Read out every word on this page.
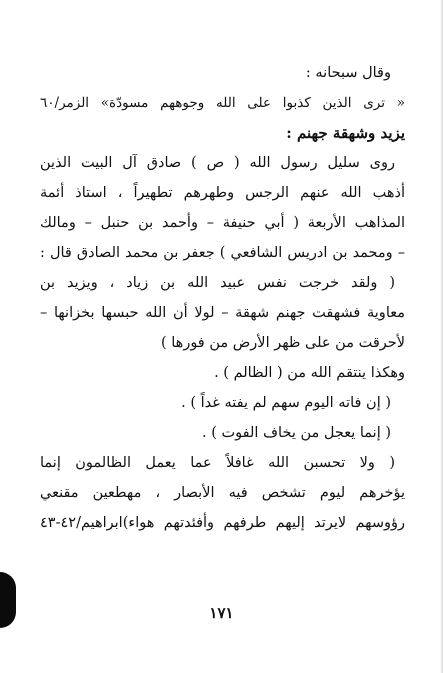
وقال سبحانه :
« ترى الذين كذبوا على الله وجوههم مسودّة» الزمر/٦٠
يزيد وشهقة جهنم :
روى سليل رسول الله ( ص ) صادق آل البيت الذين
أذهب الله عنهم الرجس وطهرهم تطهيراً ، استاذ أئمة
المذاهب الأربعة ( أبي حنيفة – وأحمد بن حنبل – ومالك
– ومحمد بن ادريس الشافعي ) جعفر بن محمد الصادق قال :
( ولقد خرجت نفس عبيد الله بن زياد ، ويزيد بن
معاوية فشهقت جهنم شهقة – لولا أن الله حبسها بخزانها –
لأحرقت من على ظهر الأرض من فورها )
وهكذا ينتقم الله من ( الظالم ) .
( إن فاته اليوم سهم لم يفته غداً ) .
( إنما يعجل من يخاف الفوت ) .
( ولا تحسبن الله غافلاً عما يعمل الظالمون إنما
يؤخرهم ليوم تشخص فيه الأبصار ، مهطعين مقنعي
رؤوسهم لايرتد إليهم طرفهم وأفئدتهم هواء)ابراهيم/٤٢-٤٣
١٧١
